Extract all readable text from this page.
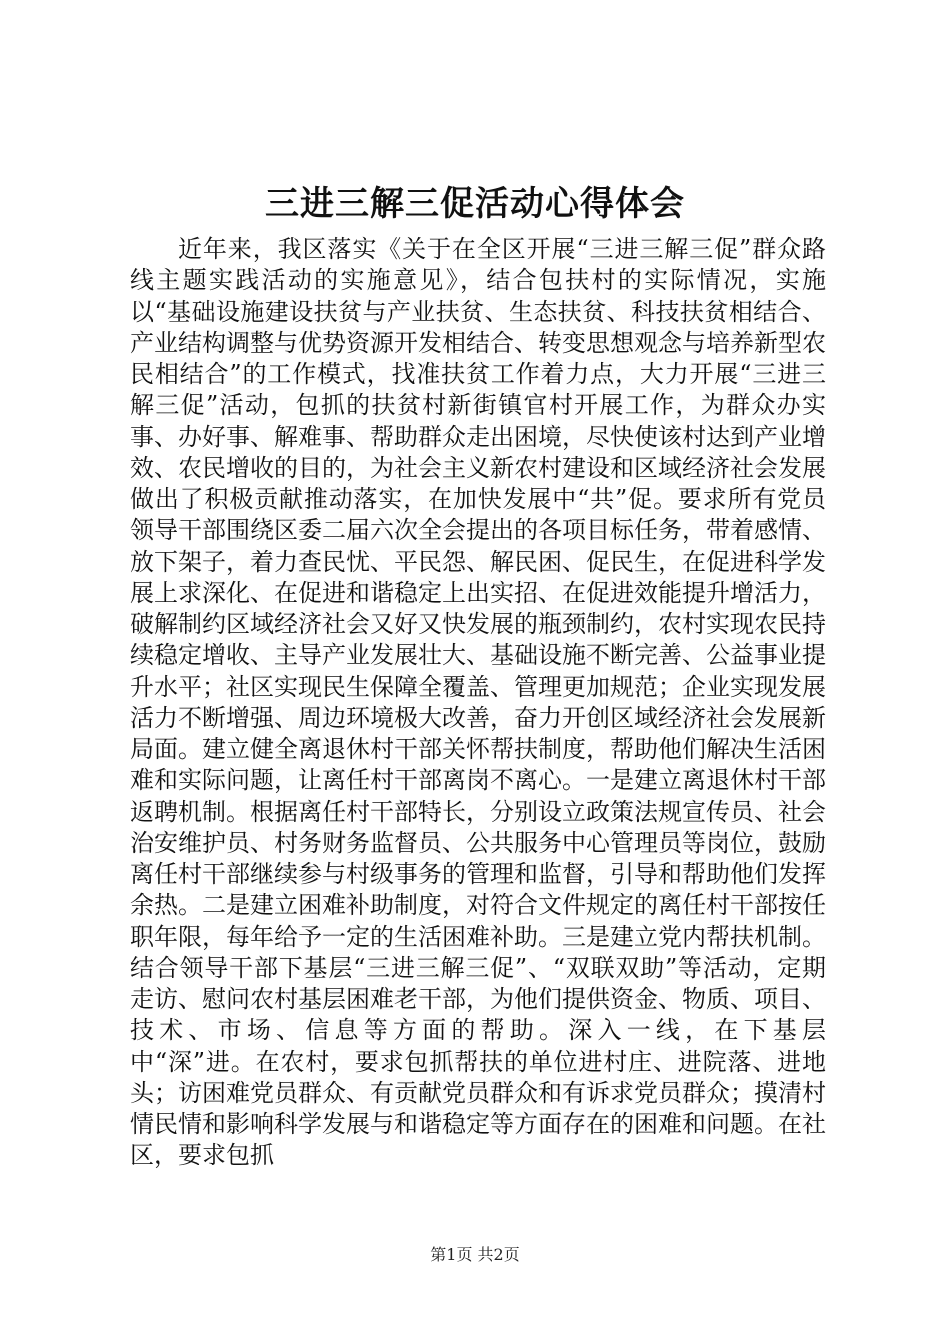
三进三解三促活动心得体会

近年来，我区落实《关于在全区开展“三进三解三促”群众路线主题实践活动的实施意见》，结合包扶村的实际情况，实施以“基础设施建设扶贫与产业扶贫、生态扶贫、科技扶贫相结合、产业结构调整与优势资源开发相结合、转变思想观念与培养新型农民相结合”的工作模式，找准扶贫工作着力点，大力开展“三进三解三促”活动，包抓的扶贫村新街镇官村开展工作，为群众办实事、办好事、解难事、帮助群众走出困境，尽快使该村达到产业增效、农民增收的目的，为社会主义新农村建设和区域经济社会发展做出了积极贡献推动落实，在加快发展中“共”促。要求所有党员领导干部围绕区委二届六次全会提出的各项目标任务，带着感情、放下架子，着力查民忧、平民怨、解民困、促民生，在促进科学发展上求深化、在促进和谐稳定上出实招、在促进效能提升增活力，破解制约区域经济社会又好又快发展的瓶颈制约，农村实现农民持续稳定增收、主导产业发展壮大、基础设施不断完善、公益事业提升水平；社区实现民生保障全覆盖、管理更加规范；企业实现发展活力不断增强、周边环境极大改善，奋力开创区域经济社会发展新局面。建立健全离退休村干部关怀帮扶制度，帮助他们解决生活困难和实际问题，让离任村干部离岗不离心。一是建立离退休村干部返聘机制。根据离任村干部特长，分别设立政策法规宣传员、社会治安维护员、村务财务监督员、公共服务中心管理员等岗位，鼓励离任村干部继续参与村级事务的管理和监督，引导和帮助他们发挥余热。二是建立困难补助制度，对符合文件规定的离任村干部按任职年限，每年给予一定的生活困难补助。三是建立党内帮扶机制。结合领导干部下基层“三进三解三促”、“双联双助”等活动，定期走访、慰问农村基层困难老干部，为他们提供资金、物质、项目、技术、市场、信息等方面的帮助。深入一线，在下基层中“深”进。在农村，要求包抓帮扶的单位进村庄、进院落、进地头；访困难党员群众、有贡献党员群众和有诉求党员群众；摸清村情民情和影响科学发展与和谐稳定等方面存在的困难和问题。在社区，要求包抓

第1页 共2页
